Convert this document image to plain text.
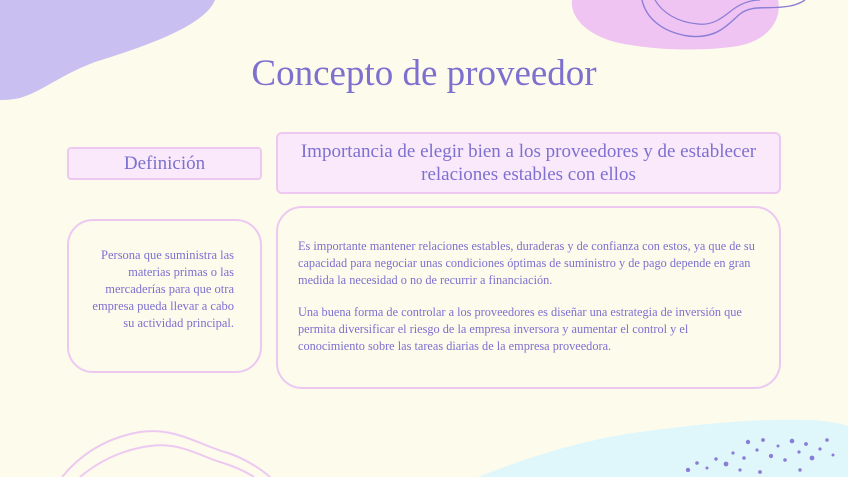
Concepto de proveedor
Definición
Importancia de elegir bien a los proveedores y de establecer relaciones estables con ellos
Persona que suministra las materias primas o las mercaderías para que otra empresa pueda llevar a cabo su actividad principal.

Es importante mantener relaciones estables, duraderas y de confianza con estos, ya que de su capacidad para negociar unas condiciones óptimas de suministro y de pago depende en gran medida la necesidad o no de recurrir a financiación.

Una buena forma de controlar a los proveedores es diseñar una estrategia de inversión que permita diversificar el riesgo de la empresa inversora y aumentar el control y el conocimiento sobre las tareas diarias de la empresa proveedora.
